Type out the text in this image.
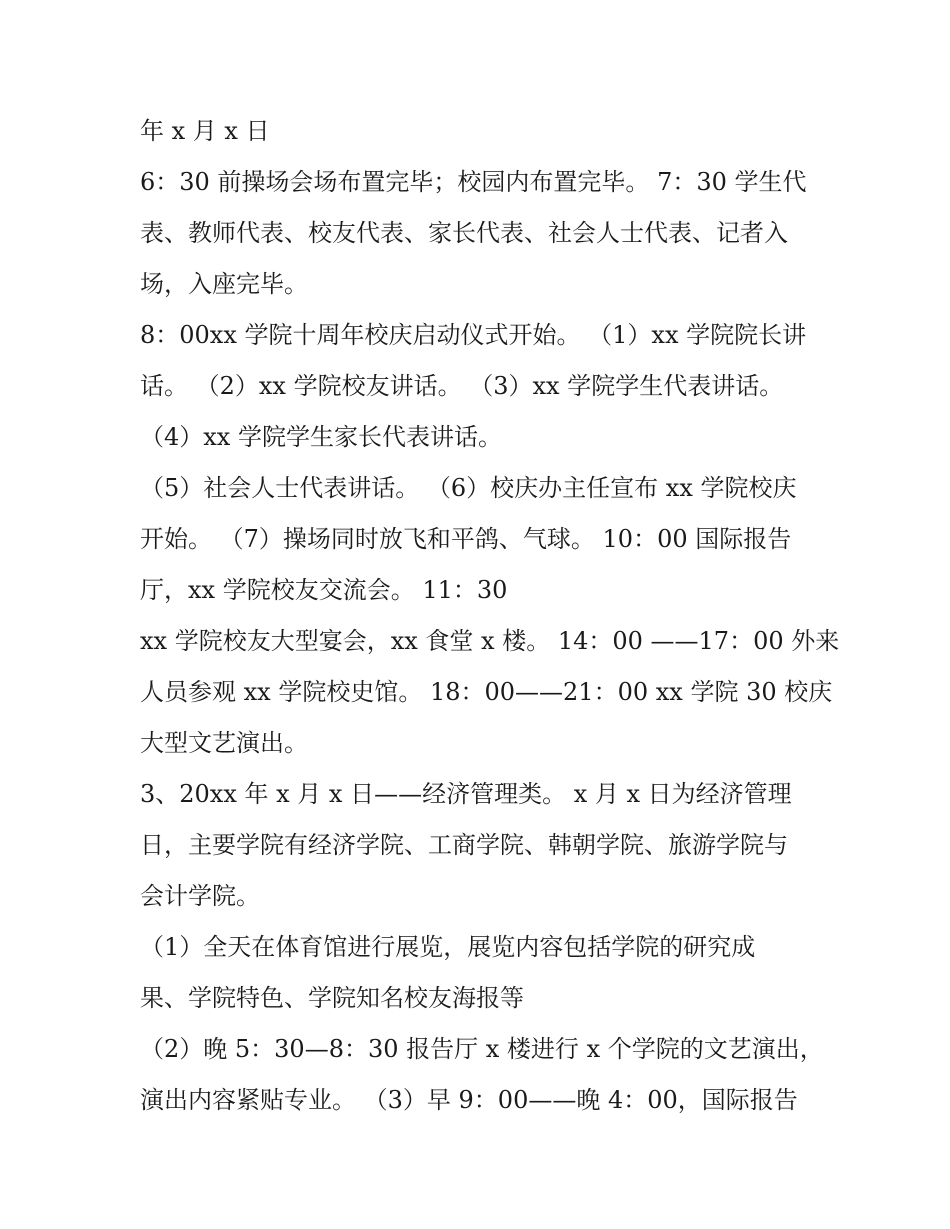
年 x 月 x 日
6：30 前操场会场布置完毕；校园内布置完毕。 7：30 学生代
表、教师代表、校友代表、家长代表、社会人士代表、记者入
场，入座完毕。
8：00xx 学院十周年校庆启动仪式开始。 （1）xx 学院院长讲
话。 （2）xx 学院校友讲话。 （3）xx 学院学生代表讲话。
（4）xx 学院学生家长代表讲话。
（5）社会人士代表讲话。 （6）校庆办主任宣布 xx 学院校庆
开始。 （7）操场同时放飞和平鸽、气球。 10：00 国际报告
厅，xx 学院校友交流会。 11：30
xx 学院校友大型宴会，xx 食堂 x 楼。 14：00 ——17：00 外来
人员参观 xx 学院校史馆。 18：00——21：00 xx 学院 30 校庆
大型文艺演出。
3、20xx 年 x 月 x 日——经济管理类。 x 月 x 日为经济管理
日，主要学院有经济学院、工商学院、韩朝学院、旅游学院与
会计学院。
（1）全天在体育馆进行展览，展览内容包括学院的研究成
果、学院特色、学院知名校友海报等
（2）晚 5：30—8：30 报告厅 x 楼进行 x 个学院的文艺演出，
演出内容紧贴专业。 （3）早 9：00——晚 4：00，国际报告
